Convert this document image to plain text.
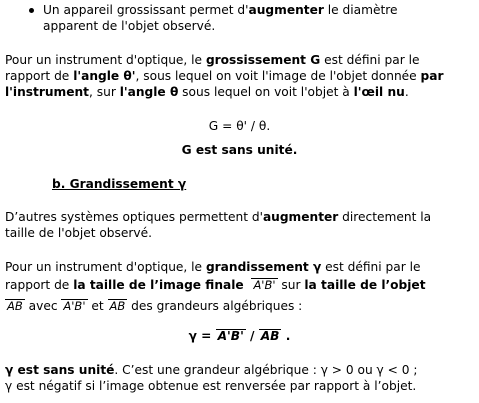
Un appareil grossissant permet d'augmenter le diamètre
apparent de l'objet observé.
Pour un instrument d'optique, le grossissement G est défini par le
rapport de l'angle θ', sous lequel on voit l'image de l'objet donnée par
l'instrument, sur l'angle θ sous lequel on voit l'objet à l'œil nu.
G = θ' / θ.
G est sans unité.
b. Grandissement γ
D’autres systèmes optiques permettent d'augmenter directement la
taille de l'objet observé.
Pour un instrument d'optique, le grandissement γ est défini par le
rapport de la taille de l’image finale A'B' sur la taille de l’objet
AB avec A'B' et AB des grandeurs algébriques :
γ = A'B' / AB .
γ est sans unité. C’est une grandeur algébrique : γ > 0 ou γ < 0 ;
γ est négatif si l’image obtenue est renversée par rapport à l’objet.
